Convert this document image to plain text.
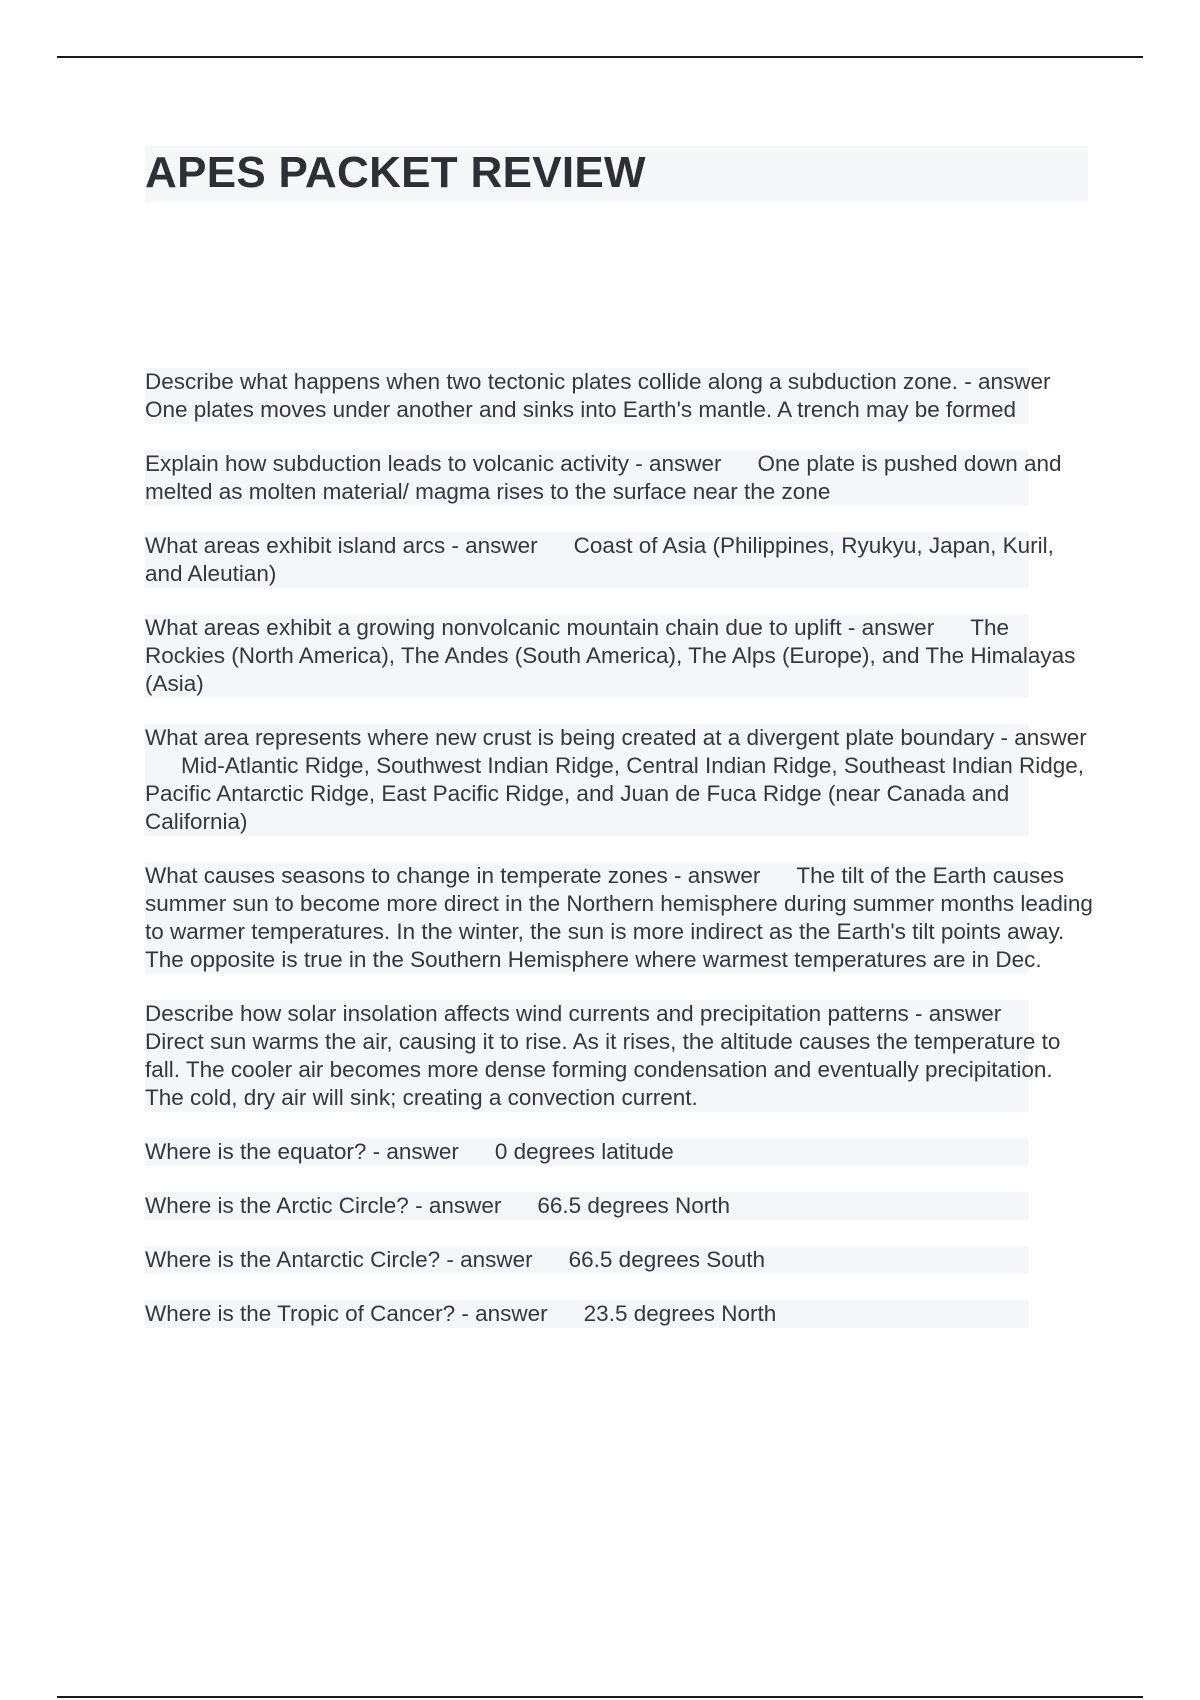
APES PACKET REVIEW

Describe what happens when two tectonic plates collide along a subduction zone. - answerOne plates moves under another and sinks into Earth's mantle. A trench may be formed

Explain how subduction leads to volcanic activity - answer One plate is pushed down and melted as molten material/ magma rises to the surface near the zone

What areas exhibit island arcs - answer Coast of Asia (Philippines, Ryukyu, Japan, Kuril, and Aleutian)

What areas exhibit a growing nonvolcanic mountain chain due to uplift - answer The Rockies (North America), The Andes (South America), The Alps (Europe), and The Himalayas (Asia)

What area represents where new crust is being created at a divergent plate boundary - answerMid-Atlantic Ridge, Southwest Indian Ridge, Central Indian Ridge, Southeast Indian Ridge, Pacific Antarctic Ridge, East Pacific Ridge, and Juan de Fuca Ridge (near Canada and California)

What causes seasons to change in temperate zones - answer The tilt of the Earth causes summer sun to become more direct in the Northern hemisphere during summer months leading to warmer temperatures. In the winter, the sun is more indirect as the Earth's tilt points away. The opposite is true in the Southern Hemisphere where warmest temperatures are in Dec.

Describe how solar insolation affects wind currents and precipitation patterns - answerDirect sun warms the air, causing it to rise. As it rises, the altitude causes the temperature to fall. The cooler air becomes more dense forming condensation and eventually precipitation. The cold, dry air will sink; creating a convection current.

Where is the equator? - answer 0 degrees latitude

Where is the Arctic Circle? - answer 66.5 degrees North

Where is the Antarctic Circle? - answer 66.5 degrees South

Where is the Tropic of Cancer? - answer 23.5 degrees North
